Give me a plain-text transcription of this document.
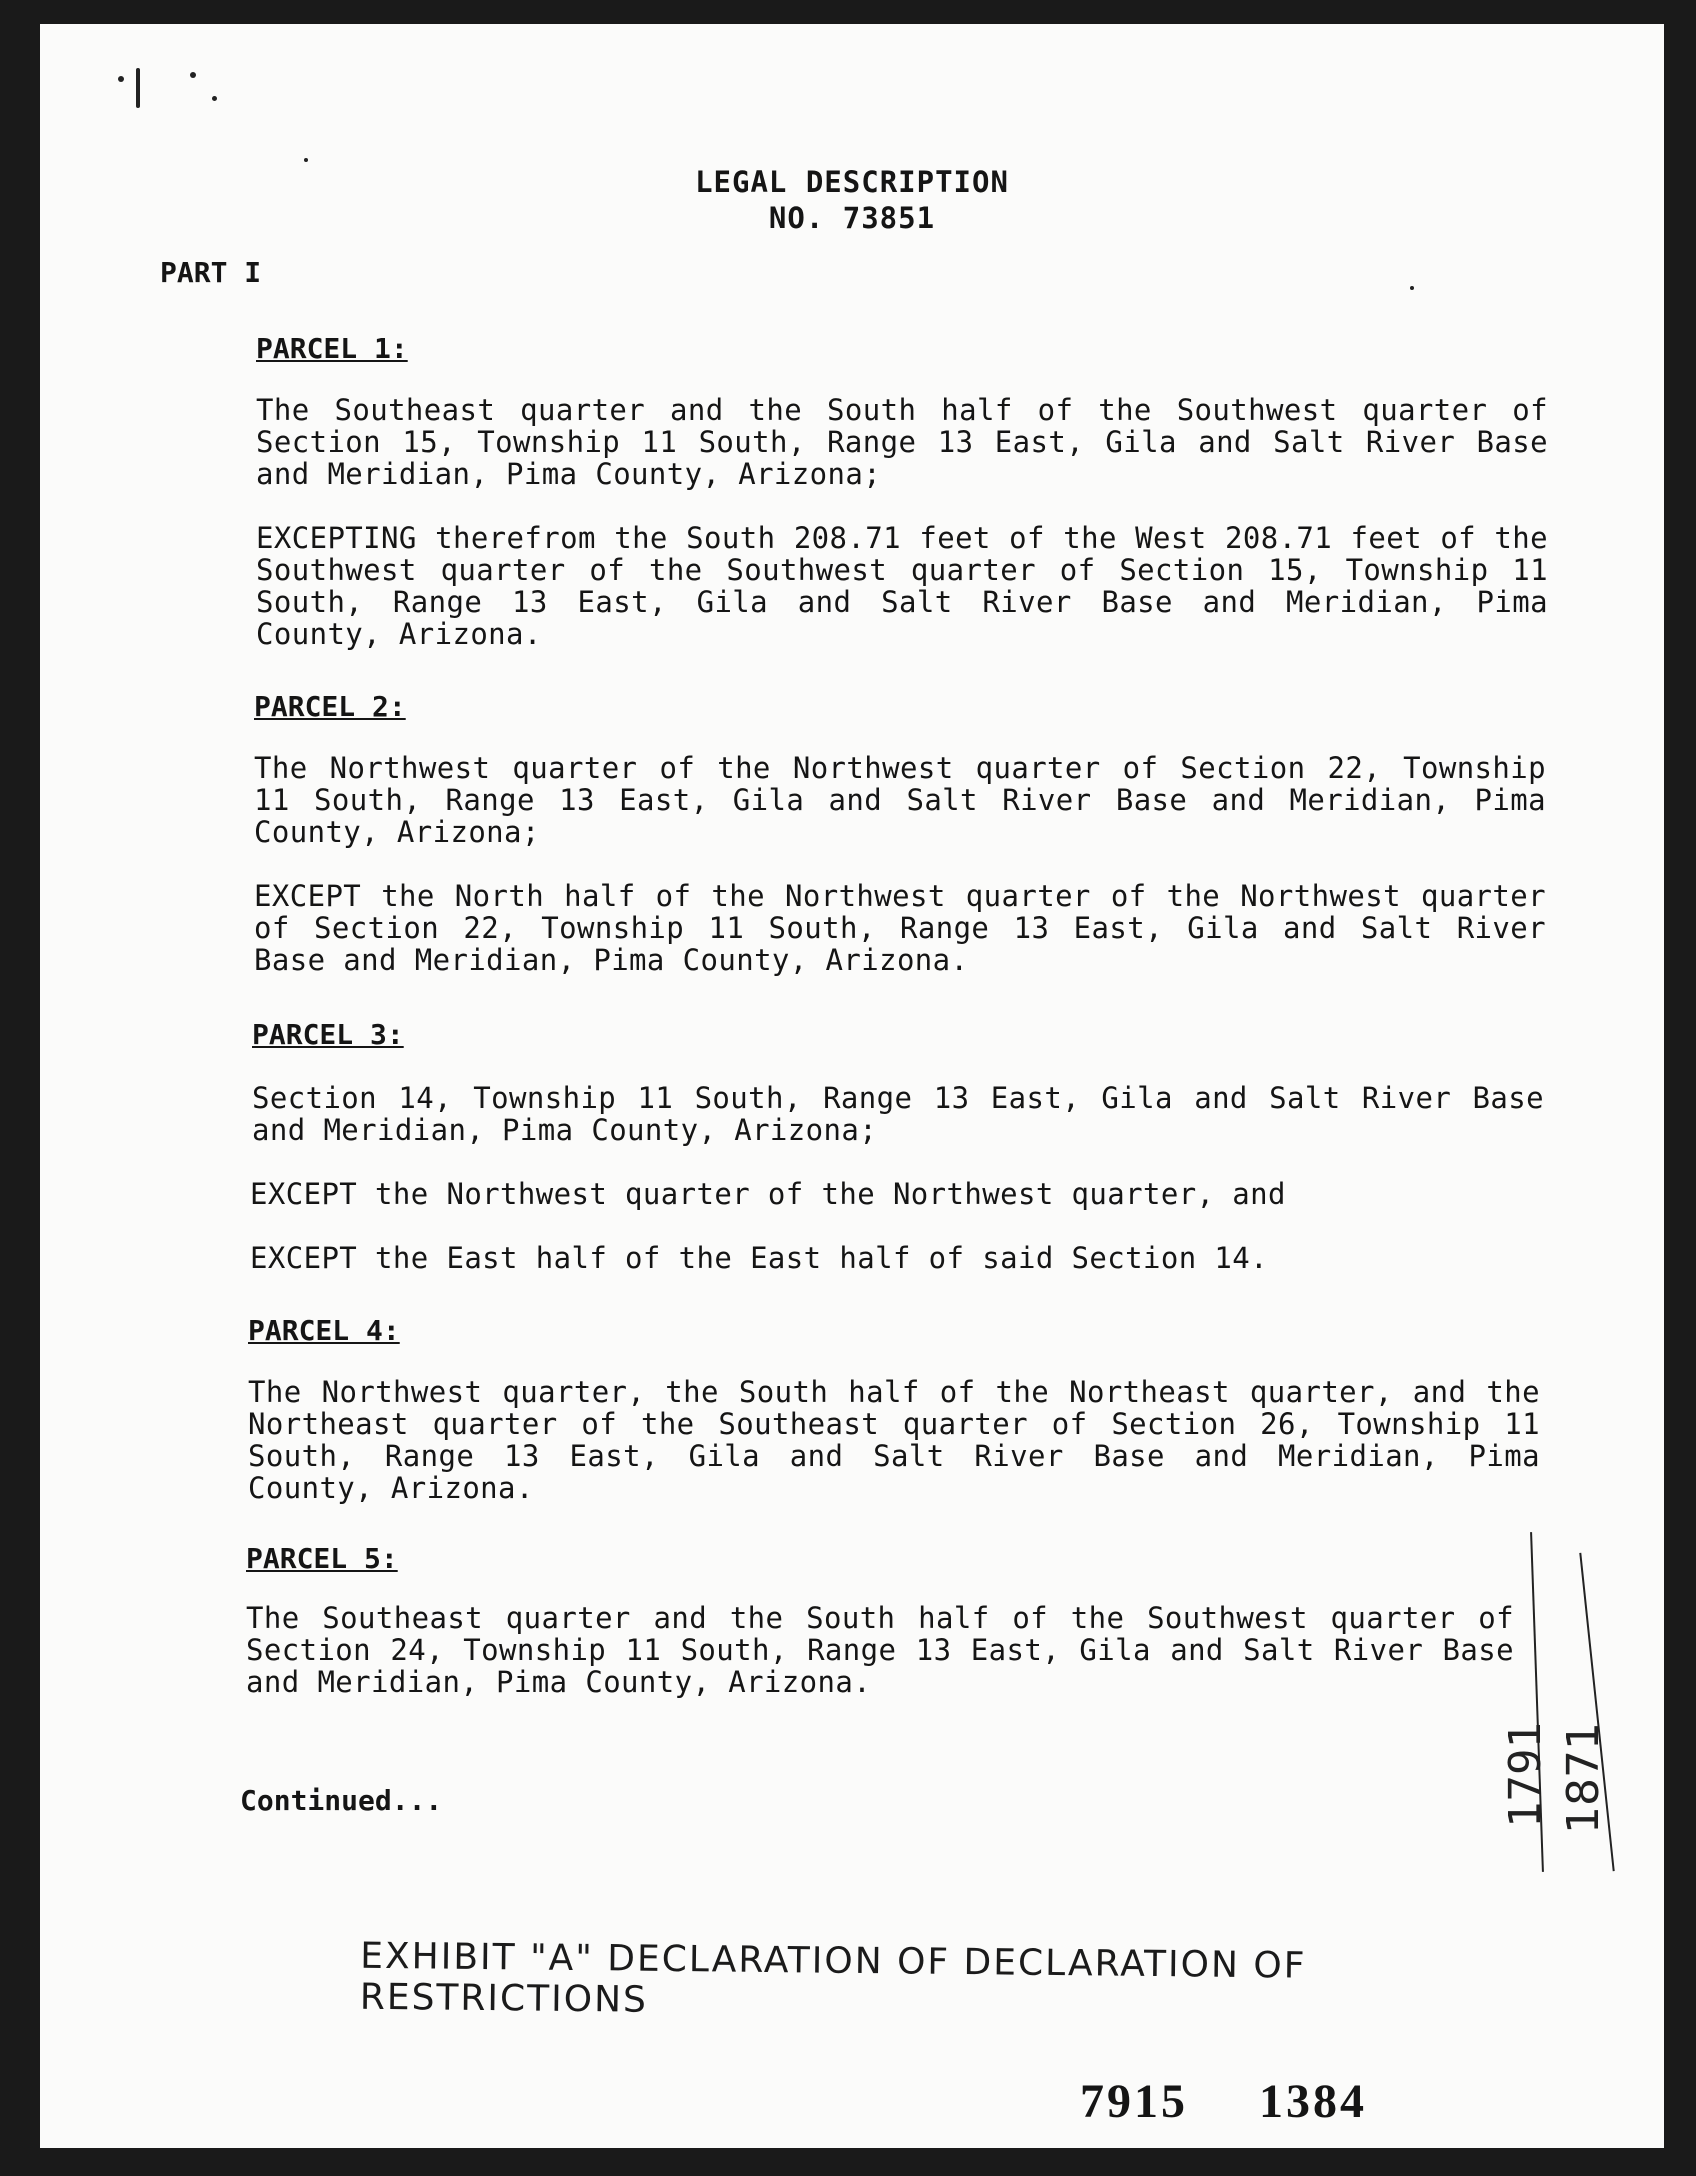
LEGAL DESCRIPTION
NO. 73851
PART I
PARCEL 1:

The Southeast quarter and the South half of the Southwest quarter of Section 15, Township 11 South, Range 13 East, Gila and Salt River Base and Meridian, Pima County, Arizona;

EXCEPTING therefrom the South 208.71 feet of the West 208.71 feet of the Southwest quarter of the Southwest quarter of Section 15, Township 11 South, Range 13 East, Gila and Salt River Base and Meridian, Pima County, Arizona.

PARCEL 2:

The Northwest quarter of the Northwest quarter of Section 22, Township 11 South, Range 13 East, Gila and Salt River Base and Meridian, Pima County, Arizona;

EXCEPT the North half of the Northwest quarter of the Northwest quarter of Section 22, Township 11 South, Range 13 East, Gila and Salt River Base and Meridian, Pima County, Arizona.

PARCEL 3:

Section 14, Township 11 South, Range 13 East, Gila and Salt River Base and Meridian, Pima County, Arizona;

EXCEPT the Northwest quarter of the Northwest quarter, and

EXCEPT the East half of the East half of said Section 14.

PARCEL 4:

The Northwest quarter, the South half of the Northeast quarter, and the Northeast quarter of the Southeast quarter of Section 26, Township 11 South, Range 13 East, Gila and Salt River Base and Meridian, Pima County, Arizona.

PARCEL 5:

The Southeast quarter and the South half of the Southwest quarter of Section 24, Township 11 South, Range 13 East, Gila and Salt River Base and Meridian, Pima County, Arizona.

Continued...	1871
1791
EXHIBIT "A" DECLARATION OF DECLARATION OF RESTRICTIONS
7915 1384
